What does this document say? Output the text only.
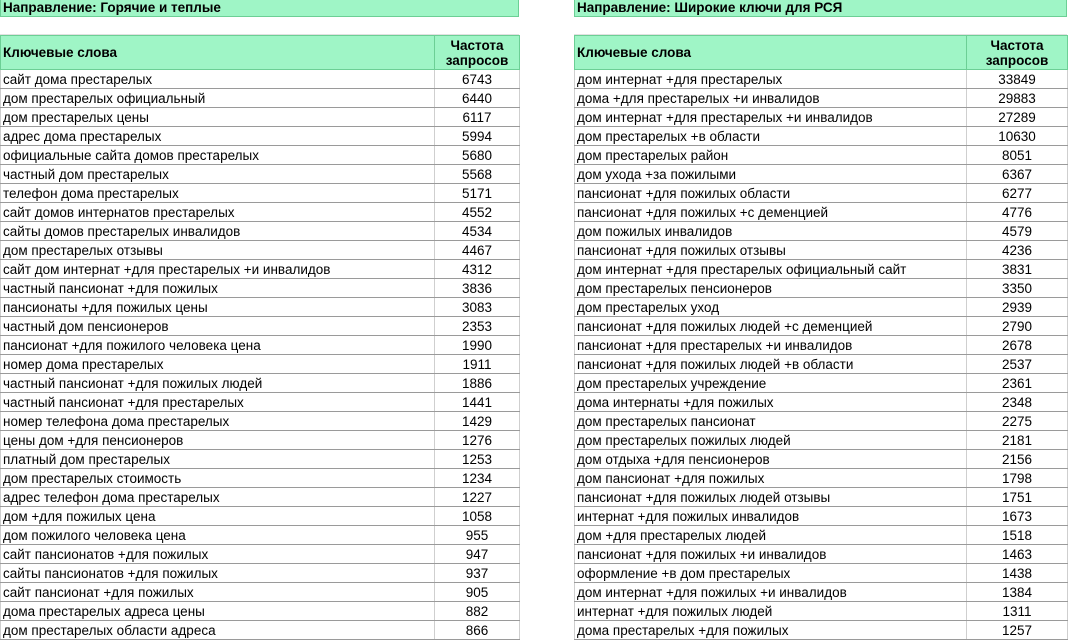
Направление: Горячие и теплые
Ключевые слова	Частота
запросов
сайт дома престарелых	6743
дом престарелых официальный	6440
дом престарелых цены	6117
адрес дома престарелых	5994
официальные сайта домов престарелых	5680
частный дом престарелых	5568
телефон дома престарелых	5171
сайт домов интернатов престарелых	4552
сайты домов престарелых инвалидов	4534
дом престарелых отзывы	4467
сайт дом интернат +для престарелых +и инвалидов	4312
частный пансионат +для пожилых	3836
пансионаты +для пожилых цены	3083
частный дом пенсионеров	2353
пансионат +для пожилого человека цена	1990
номер дома престарелых	1911
частный пансионат +для пожилых людей	1886
частный пансионат +для престарелых	1441
номер телефона дома престарелых	1429
цены дом +для пенсионеров	1276
платный дом престарелых	1253
дом престарелых стоимость	1234
адрес телефон дома престарелых	1227
дом +для пожилых цена	1058
дом пожилого человека цена	955
сайт пансионатов +для пожилых	947
сайты пансионатов +для пожилых	937
сайт пансионат +для пожилых	905
дома престарелых адреса цены	882
дом престарелых области адреса	866
Направление: Широкие ключи для РСЯ
Ключевые слова	Частота
запросов
дом интернат +для престарелых	33849
дома +для престарелых +и инвалидов	29883
дом интернат +для престарелых +и инвалидов	27289
дом престарелых +в области	10630
дом престарелых район	8051
дом ухода +за пожилыми	6367
пансионат +для пожилых области	6277
пансионат +для пожилых +с деменцией	4776
дом пожилых инвалидов	4579
пансионат +для пожилых отзывы	4236
дом интернат +для престарелых официальный сайт	3831
дом престарелых пенсионеров	3350
дом престарелых уход	2939
пансионат +для пожилых людей +с деменцией	2790
пансионат +для престарелых +и инвалидов	2678
пансионат +для пожилых людей +в области	2537
дом престарелых учреждение	2361
дома интернаты +для пожилых	2348
дом престарелых пансионат	2275
дом престарелых пожилых людей	2181
дом отдыха +для пенсионеров	2156
дом пансионат +для пожилых	1798
пансионат +для пожилых людей отзывы	1751
интернат +для пожилых инвалидов	1673
дом +для престарелых людей	1518
пансионат +для пожилых +и инвалидов	1463
оформление +в дом престарелых	1438
дом интернат +для пожилых +и инвалидов	1384
интернат +для пожилых людей	1311
дома престарелых +для пожилых	1257
